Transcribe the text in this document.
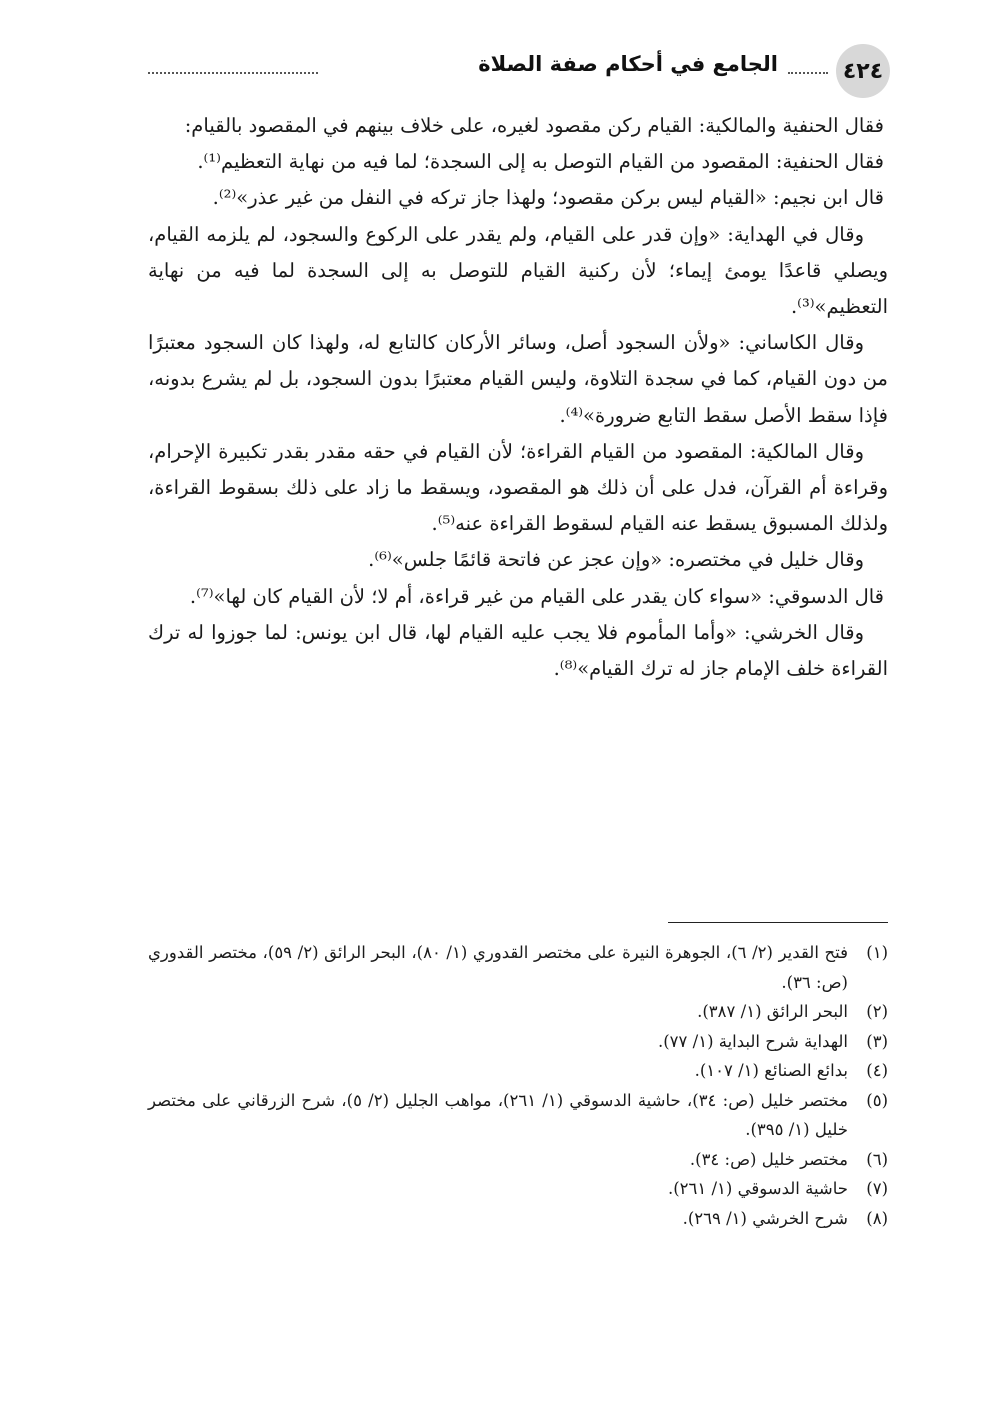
٤٢٤
الجامع في أحكام صفة الصلاة

فقال الحنفية والمالكية: القيام ركن مقصود لغيره، على خلاف بينهم في المقصود بالقيام:

فقال الحنفية: المقصود من القيام التوصل به إلى السجدة؛ لما فيه من نهاية التعظيم⁽¹⁾.

قال ابن نجيم: «القيام ليس بركن مقصود؛ ولهذا جاز تركه في النفل من غير عذر»⁽²⁾.

وقال في الهداية: «وإن قدر على القيام، ولم يقدر على الركوع والسجود، لم يلزمه القيام، ويصلي قاعدًا يومئ إيماء؛ لأن ركنية القيام للتوصل به إلى السجدة لما فيه من نهاية التعظيم»⁽³⁾.

وقال الكاساني: «ولأن السجود أصل، وسائر الأركان كالتابع له، ولهذا كان السجود معتبرًا من دون القيام، كما في سجدة التلاوة، وليس القيام معتبرًا بدون السجود، بل لم يشرع بدونه، فإذا سقط الأصل سقط التابع ضرورة»⁽⁴⁾.

وقال المالكية: المقصود من القيام القراءة؛ لأن القيام في حقه مقدر بقدر تكبيرة الإحرام، وقراءة أم القرآن، فدل على أن ذلك هو المقصود، ويسقط ما زاد على ذلك بسقوط القراءة، ولذلك المسبوق يسقط عنه القيام لسقوط القراءة عنه⁽⁵⁾.

وقال خليل في مختصره: «وإن عجز عن فاتحة قائمًا جلس»⁽⁶⁾.

قال الدسوقي: «سواء كان يقدر على القيام من غير قراءة، أم لا؛ لأن القيام كان لها»⁽⁷⁾.

وقال الخرشي: «وأما المأموم فلا يجب عليه القيام لها، قال ابن يونس: لما جوزوا له ترك القراءة خلف الإمام جاز له ترك القيام»⁽⁸⁾.

(١)
فتح القدير (٢/ ٦)، الجوهرة النيرة على مختصر القدوري (١/ ٨٠)، البحر الرائق (٢/ ٥٩)، مختصر القدوري (ص: ٣٦).
(٢)
البحر الرائق (١/ ٣٨٧).
(٣)
الهداية شرح البداية (١/ ٧٧).
(٤)
بدائع الصنائع (١/ ١٠٧).
(٥)
مختصر خليل (ص: ٣٤)، حاشية الدسوقي (١/ ٢٦١)، مواهب الجليل (٢/ ٥)، شرح الزرقاني على مختصر خليل (١/ ٣٩٥).
(٦)
مختصر خليل (ص: ٣٤).
(٧)
حاشية الدسوقي (١/ ٢٦١).
(٨)
شرح الخرشي (١/ ٢٦٩).
